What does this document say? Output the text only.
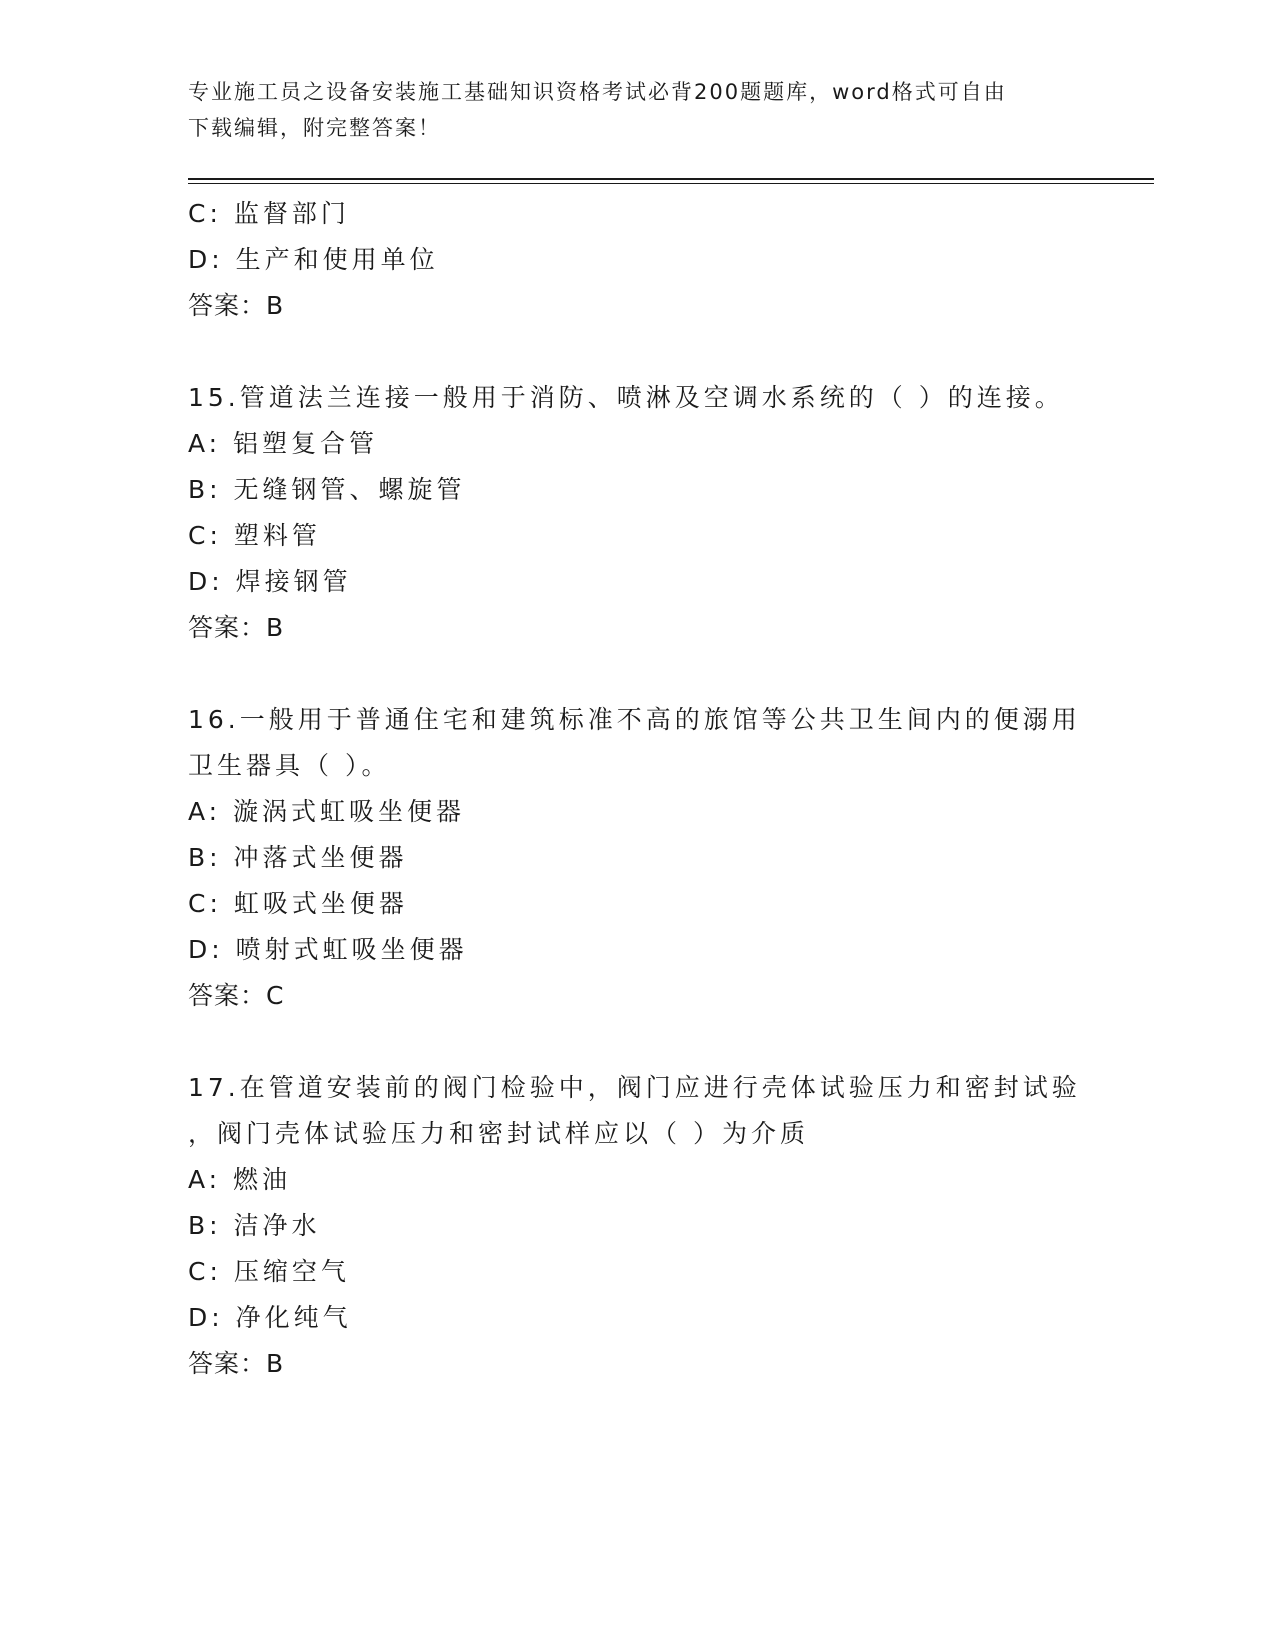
专业施工员之设备安装施工基础知识资格考试必背200题题库，word格式可自由
下载编辑，附完整答案！
C: 监督部门
D: 生产和使用单位
答案：B
15.管道法兰连接一般用于消防、喷淋及空调水系统的（ ）的连接。
A: 铝塑复合管
B: 无缝钢管、螺旋管
C: 塑料管
D: 焊接钢管
答案：B
16.一般用于普通住宅和建筑标准不高的旅馆等公共卫生间内的便溺用
卫生器具（ ）。
A: 漩涡式虹吸坐便器
B: 冲落式坐便器
C: 虹吸式坐便器
D: 喷射式虹吸坐便器
答案：C
17.在管道安装前的阀门检验中，阀门应进行壳体试验压力和密封试验
，阀门壳体试验压力和密封试样应以（ ）为介质
A: 燃油
B: 洁净水
C: 压缩空气
D: 净化纯气
答案：B
